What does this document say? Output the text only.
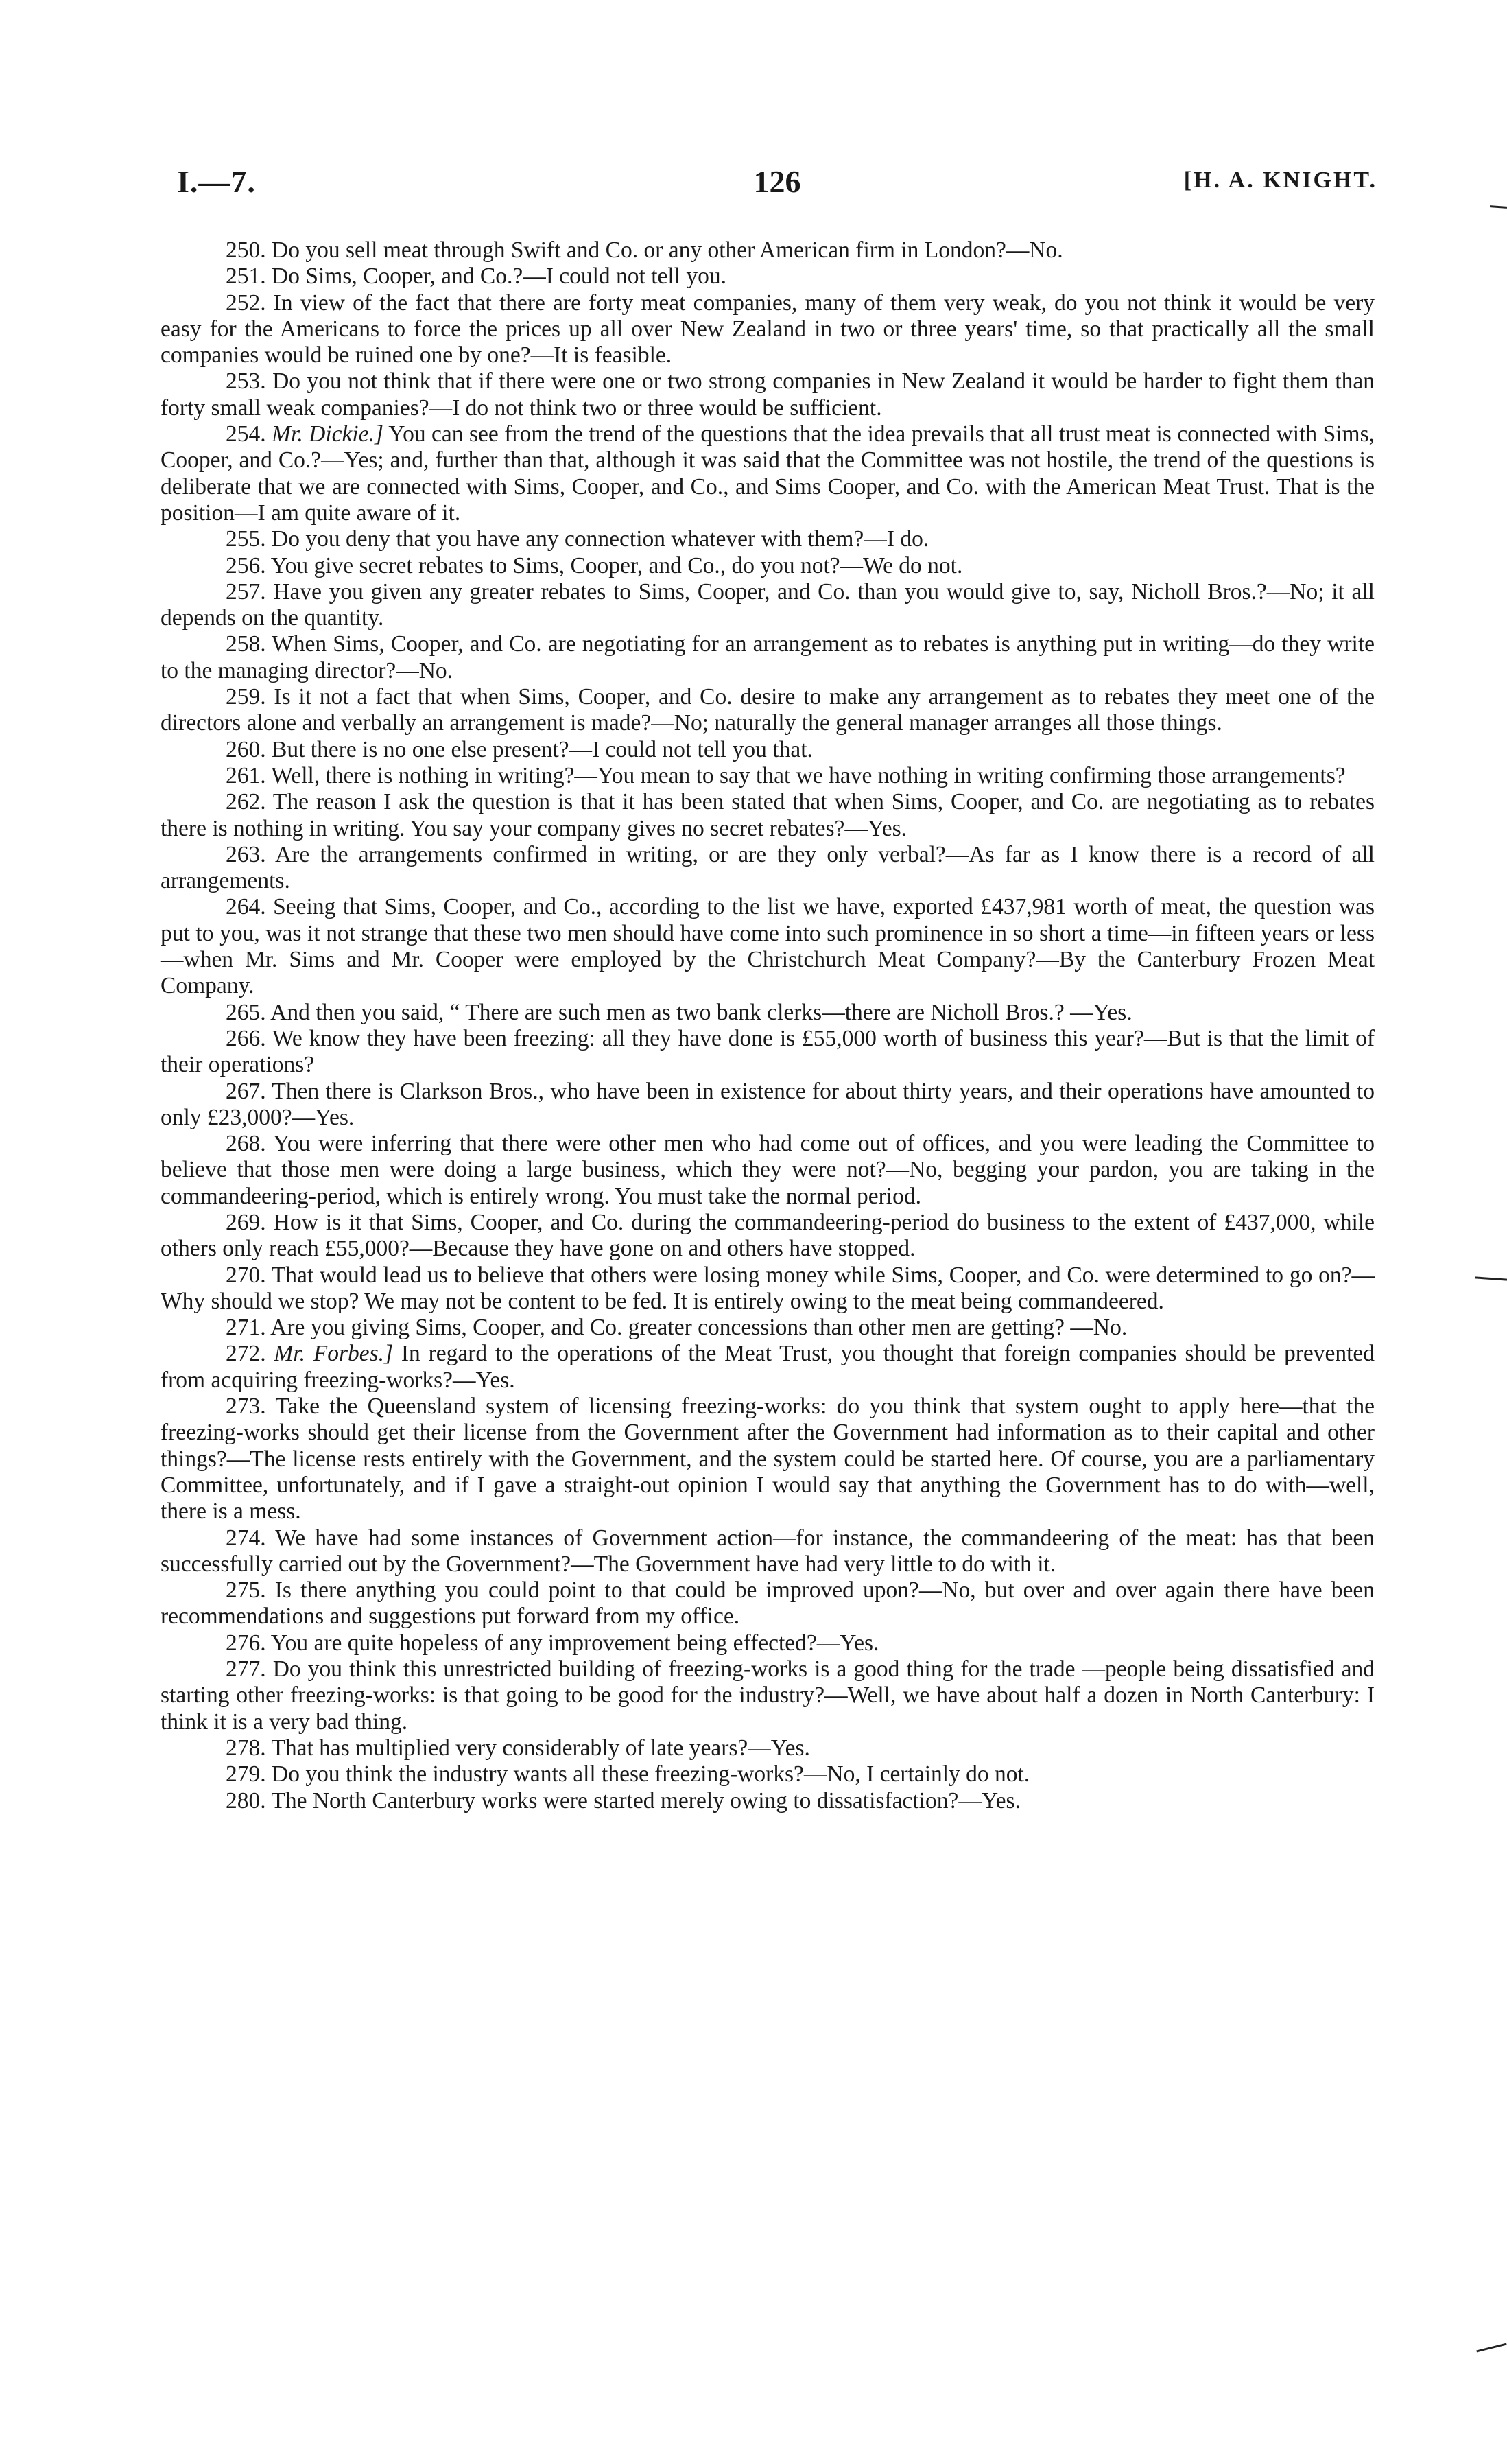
I.—7.	126	[H. A. KNIGHT.

250. Do you sell meat through Swift and Co. or any other American firm in London?—No.

251. Do Sims, Cooper, and Co.?—I could not tell you.

252. In view of the fact that there are forty meat companies, many of them very weak, do you not think it would be very easy for the Americans to force the prices up all over New Zealand in two or three years' time, so that practically all the small companies would be ruined one by one?—It is feasible.

253. Do you not think that if there were one or two strong companies in New Zealand it would be harder to fight them than forty small weak companies?—I do not think two or three would be sufficient.

254. Mr. Dickie.] You can see from the trend of the questions that the idea prevails that all trust meat is connected with Sims, Cooper, and Co.?—Yes; and, further than that, although it was said that the Committee was not hostile, the trend of the questions is deliberate that we are connected with Sims, Cooper, and Co., and Sims Cooper, and Co. with the American Meat Trust. That is the position—I am quite aware of it.

255. Do you deny that you have any connection whatever with them?—I do.

256. You give secret rebates to Sims, Cooper, and Co., do you not?—We do not.

257. Have you given any greater rebates to Sims, Cooper, and Co. than you would give to, say, Nicholl Bros.?—No; it all depends on the quantity.

258. When Sims, Cooper, and Co. are negotiating for an arrangement as to rebates is anything put in writing—do they write to the managing director?—No.

259. Is it not a fact that when Sims, Cooper, and Co. desire to make any arrangement as to rebates they meet one of the directors alone and verbally an arrangement is made?—No; naturally the general manager arranges all those things.

260. But there is no one else present?—I could not tell you that.

261. Well, there is nothing in writing?—You mean to say that we have nothing in writing confirming those arrangements?

262. The reason I ask the question is that it has been stated that when Sims, Cooper, and Co. are negotiating as to rebates there is nothing in writing. You say your company gives no secret rebates?—Yes.

263. Are the arrangements confirmed in writing, or are they only verbal?—As far as I know there is a record of all arrangements.

264. Seeing that Sims, Cooper, and Co., according to the list we have, exported £437,981 worth of meat, the question was put to you, was it not strange that these two men should have come into such prominence in so short a time—in fifteen years or less—when Mr. Sims and Mr. Cooper were employed by the Christchurch Meat Company?—By the Canterbury Frozen Meat Company.

265. And then you said, “ There are such men as two bank clerks—there are Nicholl Bros.? —Yes.

266. We know they have been freezing: all they have done is £55,000 worth of business this year?—But is that the limit of their operations?

267. Then there is Clarkson Bros., who have been in existence for about thirty years, and their operations have amounted to only £23,000?—Yes.

268. You were inferring that there were other men who had come out of offices, and you were leading the Committee to believe that those men were doing a large business, which they were not?—No, begging your pardon, you are taking in the commandeering-period, which is entirely wrong. You must take the normal period.

269. How is it that Sims, Cooper, and Co. during the commandeering-period do business to the extent of £437,000, while others only reach £55,000?—Because they have gone on and others have stopped.

270. That would lead us to believe that others were losing money while Sims, Cooper, and Co. were determined to go on?—Why should we stop? We may not be content to be fed. It is entirely owing to the meat being commandeered.

271. Are you giving Sims, Cooper, and Co. greater concessions than other men are getting? —No.

272. Mr. Forbes.] In regard to the operations of the Meat Trust, you thought that foreign companies should be prevented from acquiring freezing-works?—Yes.

273. Take the Queensland system of licensing freezing-works: do you think that system ought to apply here—that the freezing-works should get their license from the Government after the Government had information as to their capital and other things?—The license rests entirely with the Government, and the system could be started here. Of course, you are a parliamentary Committee, unfortunately, and if I gave a straight-out opinion I would say that anything the Government has to do with—well, there is a mess.

274. We have had some instances of Government action—for instance, the commandeering of the meat: has that been successfully carried out by the Government?—The Government have had very little to do with it.

275. Is there anything you could point to that could be improved upon?—No, but over and over again there have been recommendations and suggestions put forward from my office.

276. You are quite hopeless of any improvement being effected?—Yes.

277. Do you think this unrestricted building of freezing-works is a good thing for the trade —people being dissatisfied and starting other freezing-works: is that going to be good for the industry?—Well, we have about half a dozen in North Canterbury: I think it is a very bad thing.

278. That has multiplied very considerably of late years?—Yes.

279. Do you think the industry wants all these freezing-works?—No, I certainly do not.

280. The North Canterbury works were started merely owing to dissatisfaction?—Yes.
